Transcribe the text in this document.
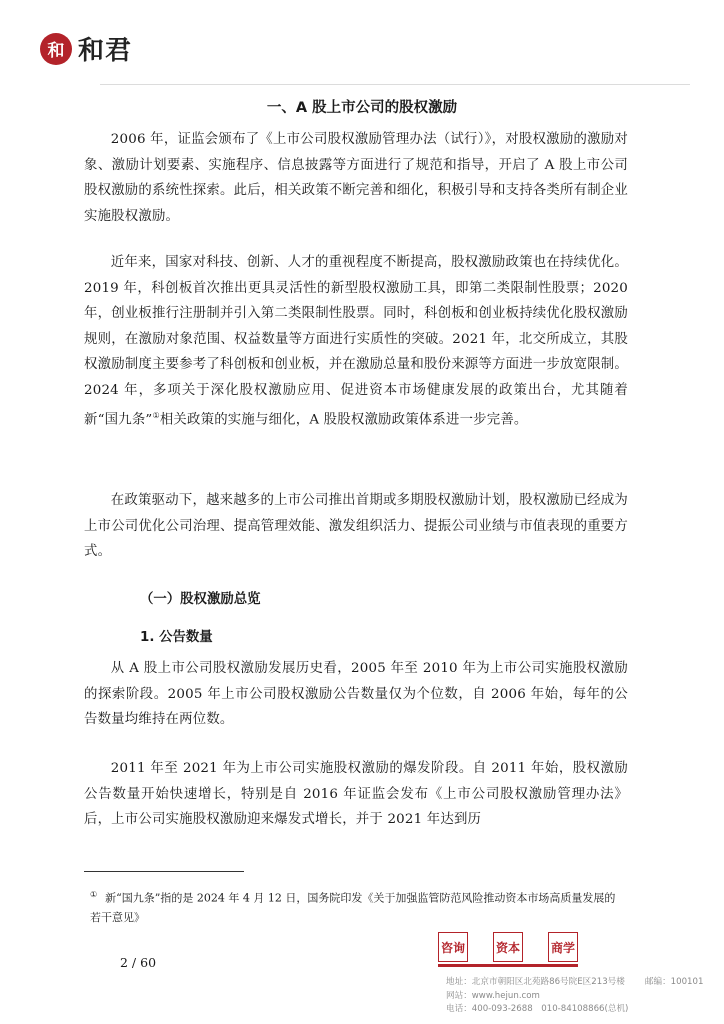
和 和君
一、A 股上市公司的股权激励

2006 年，证监会颁布了《上市公司股权激励管理办法（试行）》，对股权激励的激励对象、激励计划要素、实施程序、信息披露等方面进行了规范和指导，开启了 A 股上市公司股权激励的系统性探索。此后，相关政策不断完善和细化，积极引导和支持各类所有制企业实施股权激励。

近年来，国家对科技、创新、人才的重视程度不断提高，股权激励政策也在持续优化。2019 年，科创板首次推出更具灵活性的新型股权激励工具，即第二类限制性股票；2020 年，创业板推行注册制并引入第二类限制性股票。同时，科创板和创业板持续优化股权激励规则，在激励对象范围、权益数量等方面进行实质性的突破。2021 年，北交所成立，其股权激励制度主要参考了科创板和创业板，并在激励总量和股份来源等方面进一步放宽限制。2024 年，多项关于深化股权激励应用、促进资本市场健康发展的政策出台，尤其随着新“国九条”①相关政策的实施与细化，A 股股权激励政策体系进一步完善。

在政策驱动下，越来越多的上市公司推出首期或多期股权激励计划，股权激励已经成为上市公司优化公司治理、提高管理效能、激发组织活力、提振公司业绩与市值表现的重要方式。

（一）股权激励总览
1. 公告数量

从 A 股上市公司股权激励发展历史看，2005 年至 2010 年为上市公司实施股权激励的探索阶段。2005 年上市公司股权激励公告数量仅为个位数，自 2006 年始，每年的公告数量均维持在两位数。

2011 年至 2021 年为上市公司实施股权激励的爆发阶段。自 2011 年始，股权激励公告数量开始快速增长，特别是自 2016 年证监会发布《上市公司股权激励管理办法》后，上市公司实施股权激励迎来爆发式增长，并于 2021 年达到历

① 新“国九条”指的是 2024 年 4 月 12 日，国务院印发《关于加强监管防范风险推动资本市场高质量发展的若干意见》

2 / 60
咨询	资本	商学
地址：北京市朝阳区北苑路86号院E区213号楼 邮编：100101
网站：www.hejun.com
电话：400-093-2688　010-84108866(总机)
